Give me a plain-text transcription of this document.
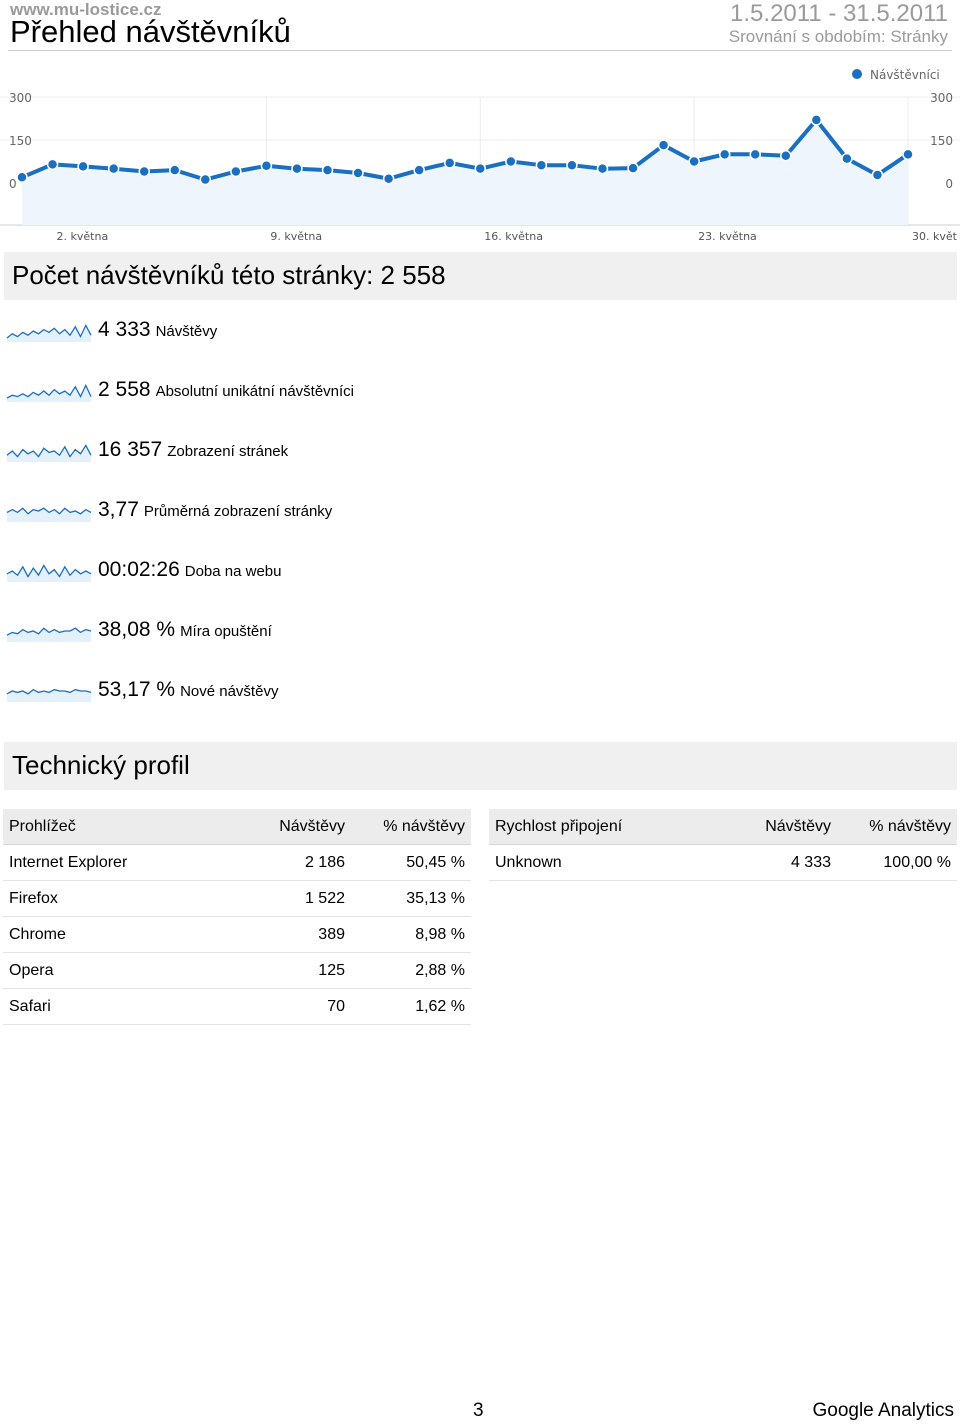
www.mu-lostice.cz
Přehled návštěvníků
1.5.2011 - 31.5.2011
Srovnání s obdobím: Stránky
300
150
0
300
150
0
2. května	9. května	16. května	23. května	30. květ
Návštěvníci
Počet návštěvníků této stránky: 2 558
4 333 Návštěvy
2 558 Absolutní unikátní návštěvníci
16 357 Zobrazení stránek
3,77 Průměrná zobrazení stránky
00:02:26 Doba na webu
38,08 % Míra opuštění
53,17 % Nové návštěvy
Technický profil
Prohlížeč	Návštěvy	% návštěvy
Internet Explorer	2 186	50,45 %
Firefox	1 522	35,13 %
Chrome	389	8,98 %
Opera	125	2,88 %
Safari	70	1,62 %
Rychlost připojení	Návštěvy	% návštěvy
Unknown	4 333	100,00 %
3	Google Analytics
